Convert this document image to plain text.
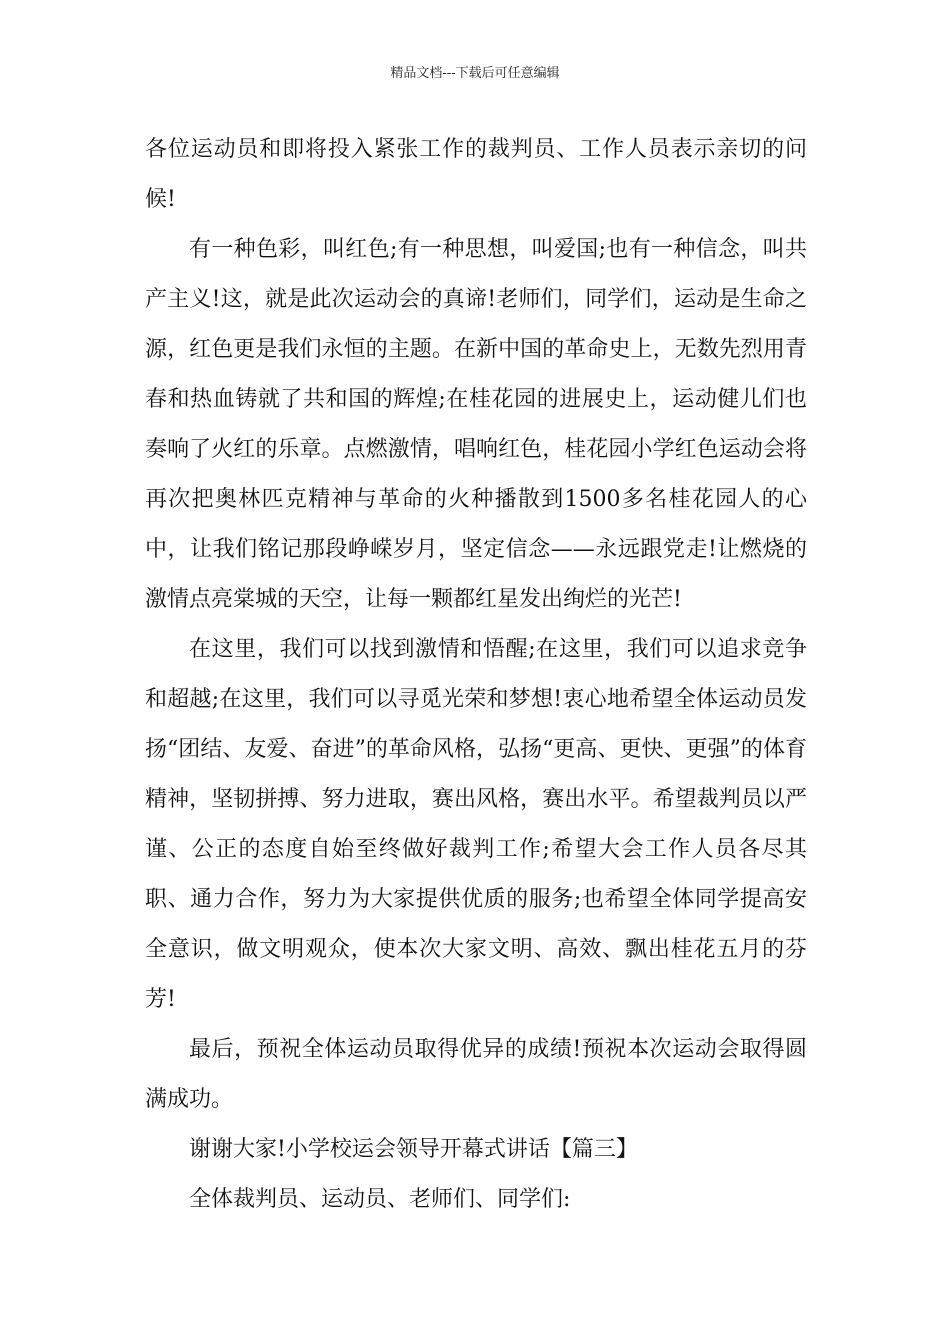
精品文档---下载后可任意编辑

各位运动员和即将投入紧张工作的裁判员、工作人员表示亲切的问候!

有一种色彩，叫红色;有一种思想，叫爱国;也有一种信念，叫共产主义!这，就是此次运动会的真谛!老师们，同学们，运动是生命之源，红色更是我们永恒的主题。在新中国的革命史上，无数先烈用青春和热血铸就了共和国的辉煌;在桂花园的进展史上，运动健儿们也奏响了火红的乐章。点燃激情，唱响红色，桂花园小学红色运动会将再次把奥林匹克精神与革命的火种播散到1500多名桂花园人的心中，让我们铭记那段峥嵘岁月，坚定信念——永远跟党走!让燃烧的激情点亮棠城的天空，让每一颗都红星发出绚烂的光芒!

在这里，我们可以找到激情和悟醒;在这里，我们可以追求竞争和超越;在这里，我们可以寻觅光荣和梦想!衷心地希望全体运动员发扬“团结、友爱、奋进”的革命风格，弘扬“更高、更快、更强”的体育精神，坚韧拼搏、努力进取，赛出风格，赛出水平。希望裁判员以严谨、公正的态度自始至终做好裁判工作;希望大会工作人员各尽其职、通力合作，努力为大家提供优质的服务;也希望全体同学提高安全意识，做文明观众，使本次大家文明、高效、飘出桂花五月的芬芳!

最后，预祝全体运动员取得优异的成绩!预祝本次运动会取得圆满成功。

谢谢大家!小学校运会领导开幕式讲话【篇三】

全体裁判员、运动员、老师们、同学们:
